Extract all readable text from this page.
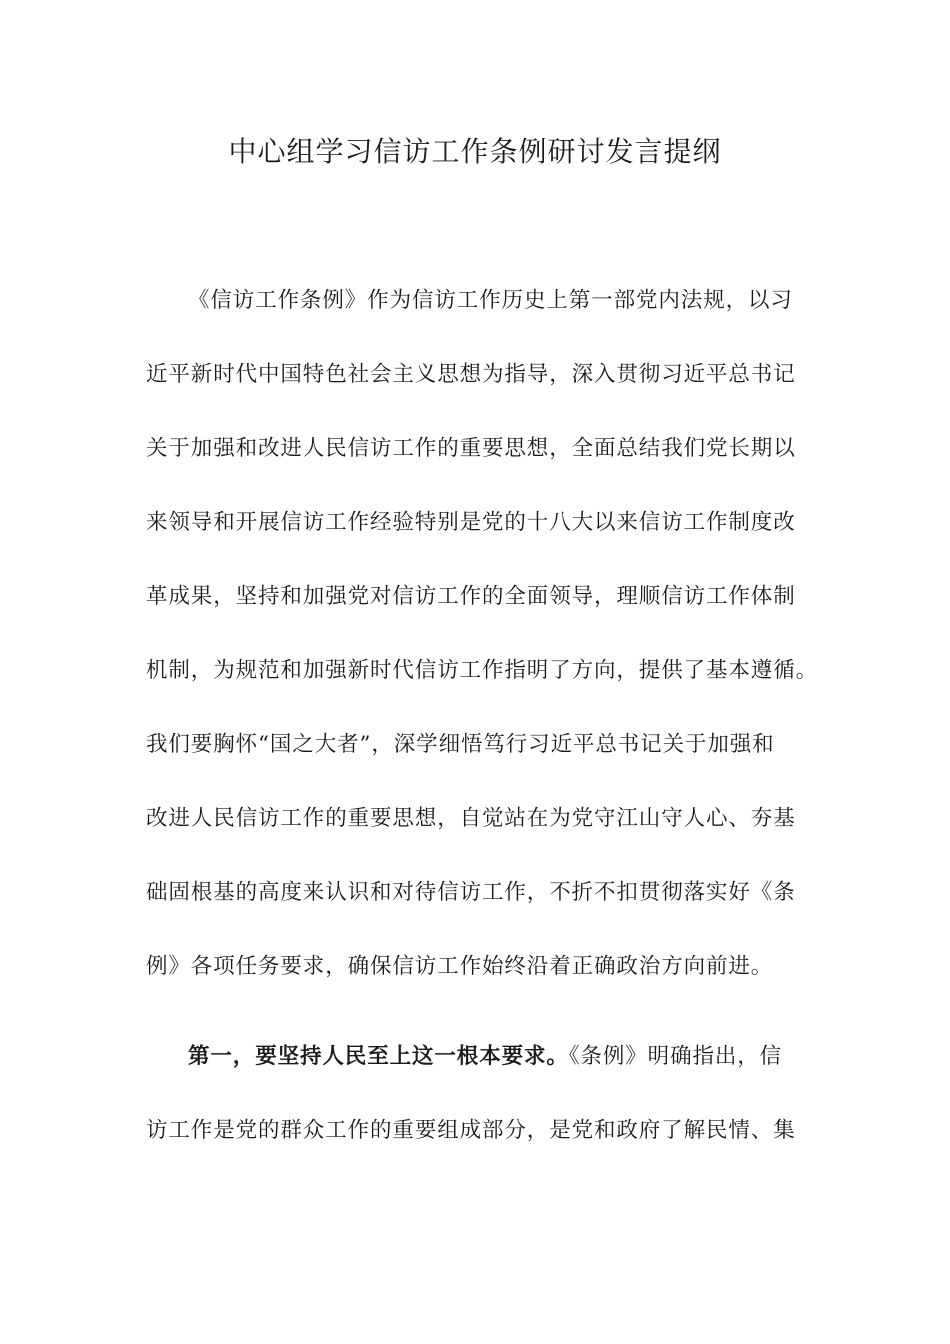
中心组学习信访工作条例研讨发言提纲
《信访工作条例》作为信访工作历史上第一部党内法规，以习
近平新时代中国特色社会主义思想为指导，深入贯彻习近平总书记
关于加强和改进人民信访工作的重要思想，全面总结我们党长期以
来领导和开展信访工作经验特别是党的十八大以来信访工作制度改
革成果，坚持和加强党对信访工作的全面领导，理顺信访工作体制
机制，为规范和加强新时代信访工作指明了方向，提供了基本遵循。
我们要胸怀“国之大者”，深学细悟笃行习近平总书记关于加强和
改进人民信访工作的重要思想，自觉站在为党守江山守人心、夯基
础固根基的高度来认识和对待信访工作，不折不扣贯彻落实好《条
例》各项任务要求，确保信访工作始终沿着正确政治方向前进。
第一，要坚持人民至上这一根本要求。《条例》明确指出，信
访工作是党的群众工作的重要组成部分，是党和政府了解民情、集
